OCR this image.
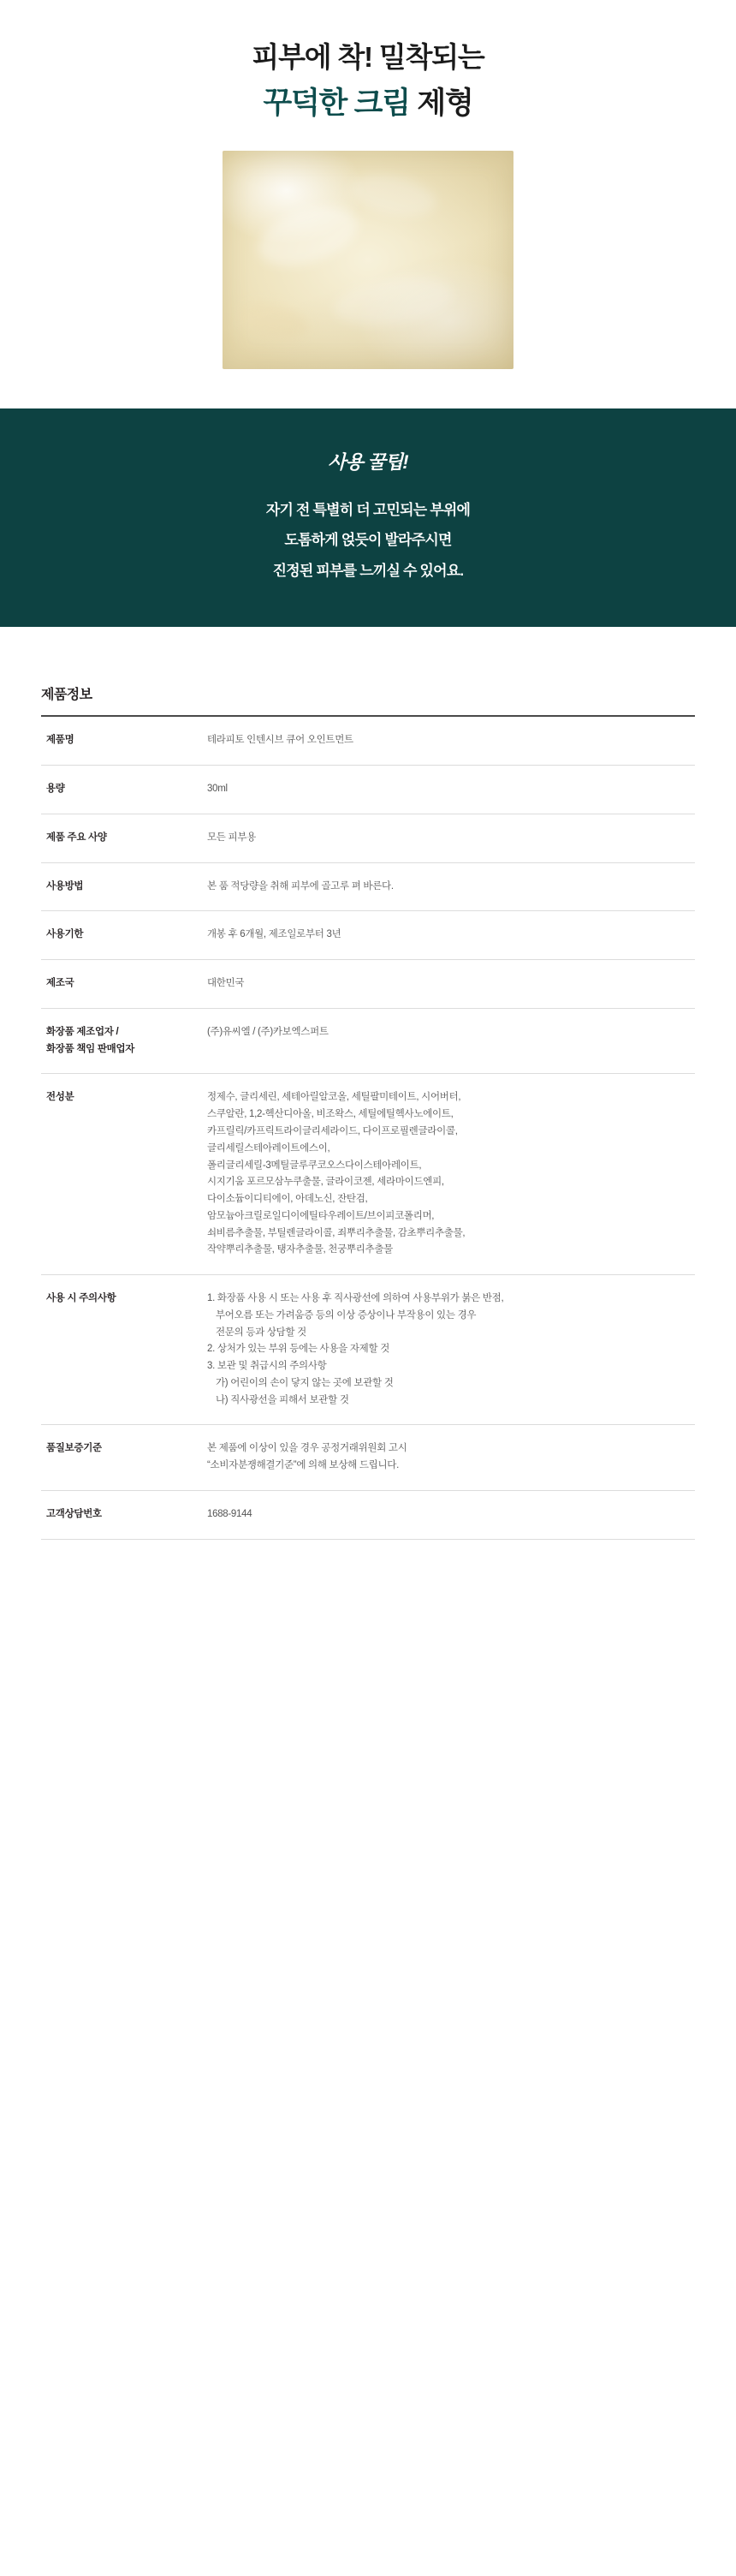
피부에 착! 밀착되는
꾸덕한 크림 제형
사용 꿀팁!

자기 전 특별히 더 고민되는 부위에

도톰하게 얹듯이 발라주시면

진정된 피부를 느끼실 수 있어요.

제품정보
제품명	테라피토 인텐시브 큐어 오인트먼트
용량	30ml
제품 주요 사양	모든 피부용
사용방법	본 품 적당량을 취해 피부에 골고루 펴 바른다.
사용기한	개봉 후 6개월, 제조일로부터 3년
제조국	대한민국
화장품 제조업자 /
화장품 책임 판매업자	(주)유씨엘 / (주)카보엑스퍼트
전성분	정제수, 글리세린, 세테아릴알코올, 세틸팔미테이트, 시어버터,
스쿠알란, 1,2-헥산디아올, 비조왁스, 세틸에틸헥사노에이트,
카프릴릭/카프릭트라이글리세라이드, 다이프로필렌글라이콜,
글리세릴스테아레이트에스이,
폴리글리세릴-3메틸글루쿠코오스다이스테아레이트,
시지기움 포르모삼누쿠출물, 글라이코젠, 세라마이드엔피,
다이소듐이디티에이, 아데노신, 잔탄검,
암모늄아크릴로일디이에틸타우레이트/브이피코폴리머,
쇠비름추출물, 부틸렌글라이콜, 죄뿌리추출물, 감초뿌리추출물,
작약뿌리추출물, 탱자추출물, 천궁뿌리추출물

사용 시 주의사항	1. 화장품 사용 시 또는 사용 후 직사광선에 의하여 사용부위가 붉은 반점,
부어오름 또는 가려움증 등의 이상 증상이나 부작용이 있는 경우
전문의 등과 상담할 것
2. 상처가 있는 부위 등에는 사용을 자제할 것
3. 보관 및 취급시의 주의사항
가) 어린이의 손이 닿지 않는 곳에 보관할 것
나) 직사광선을 피해서 보관할 것

품질보증기준	본 제품에 이상이 있을 경우 공정거래위원회 고시
“소비자분쟁해결기준”에 의해 보상해 드립니다.

고객상담번호	1688-9144
